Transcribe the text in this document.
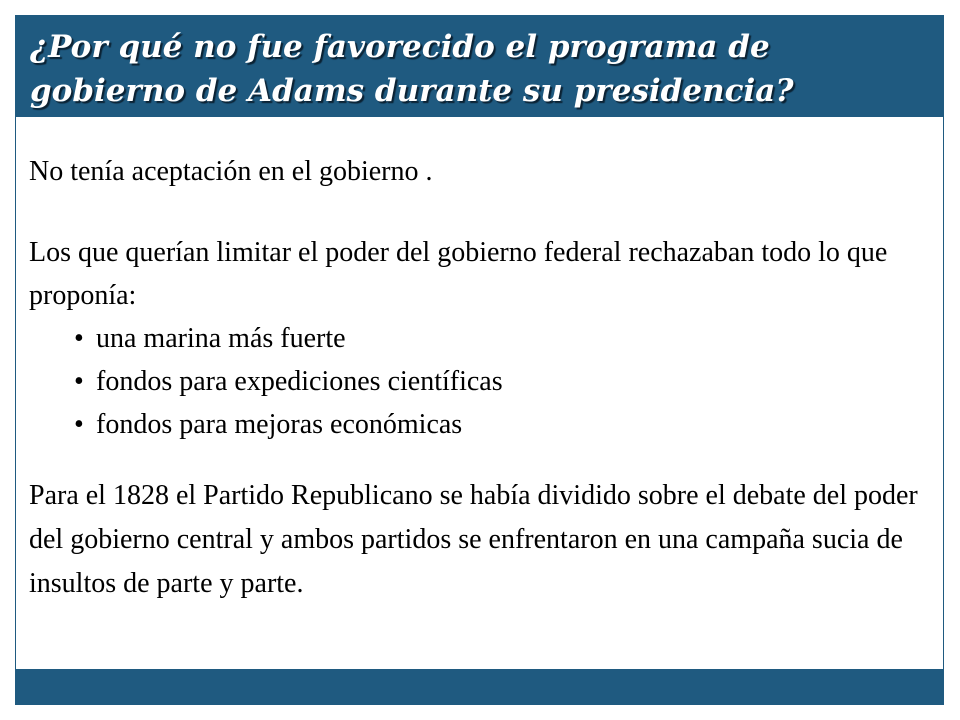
¿Por qué no fue favorecido el programa de gobierno de Adams durante su presidencia?

No tenía aceptación en el gobierno .

Los que querían limitar el poder del gobierno federal rechazaban todo lo que proponía:

• una marina más fuerte
• fondos para expediciones científicas
• fondos para mejoras económicas

Para el 1828 el Partido Republicano se había dividido sobre el debate del poder del gobierno central y ambos partidos se enfrentaron en una campaña sucia de insultos de parte y parte.
